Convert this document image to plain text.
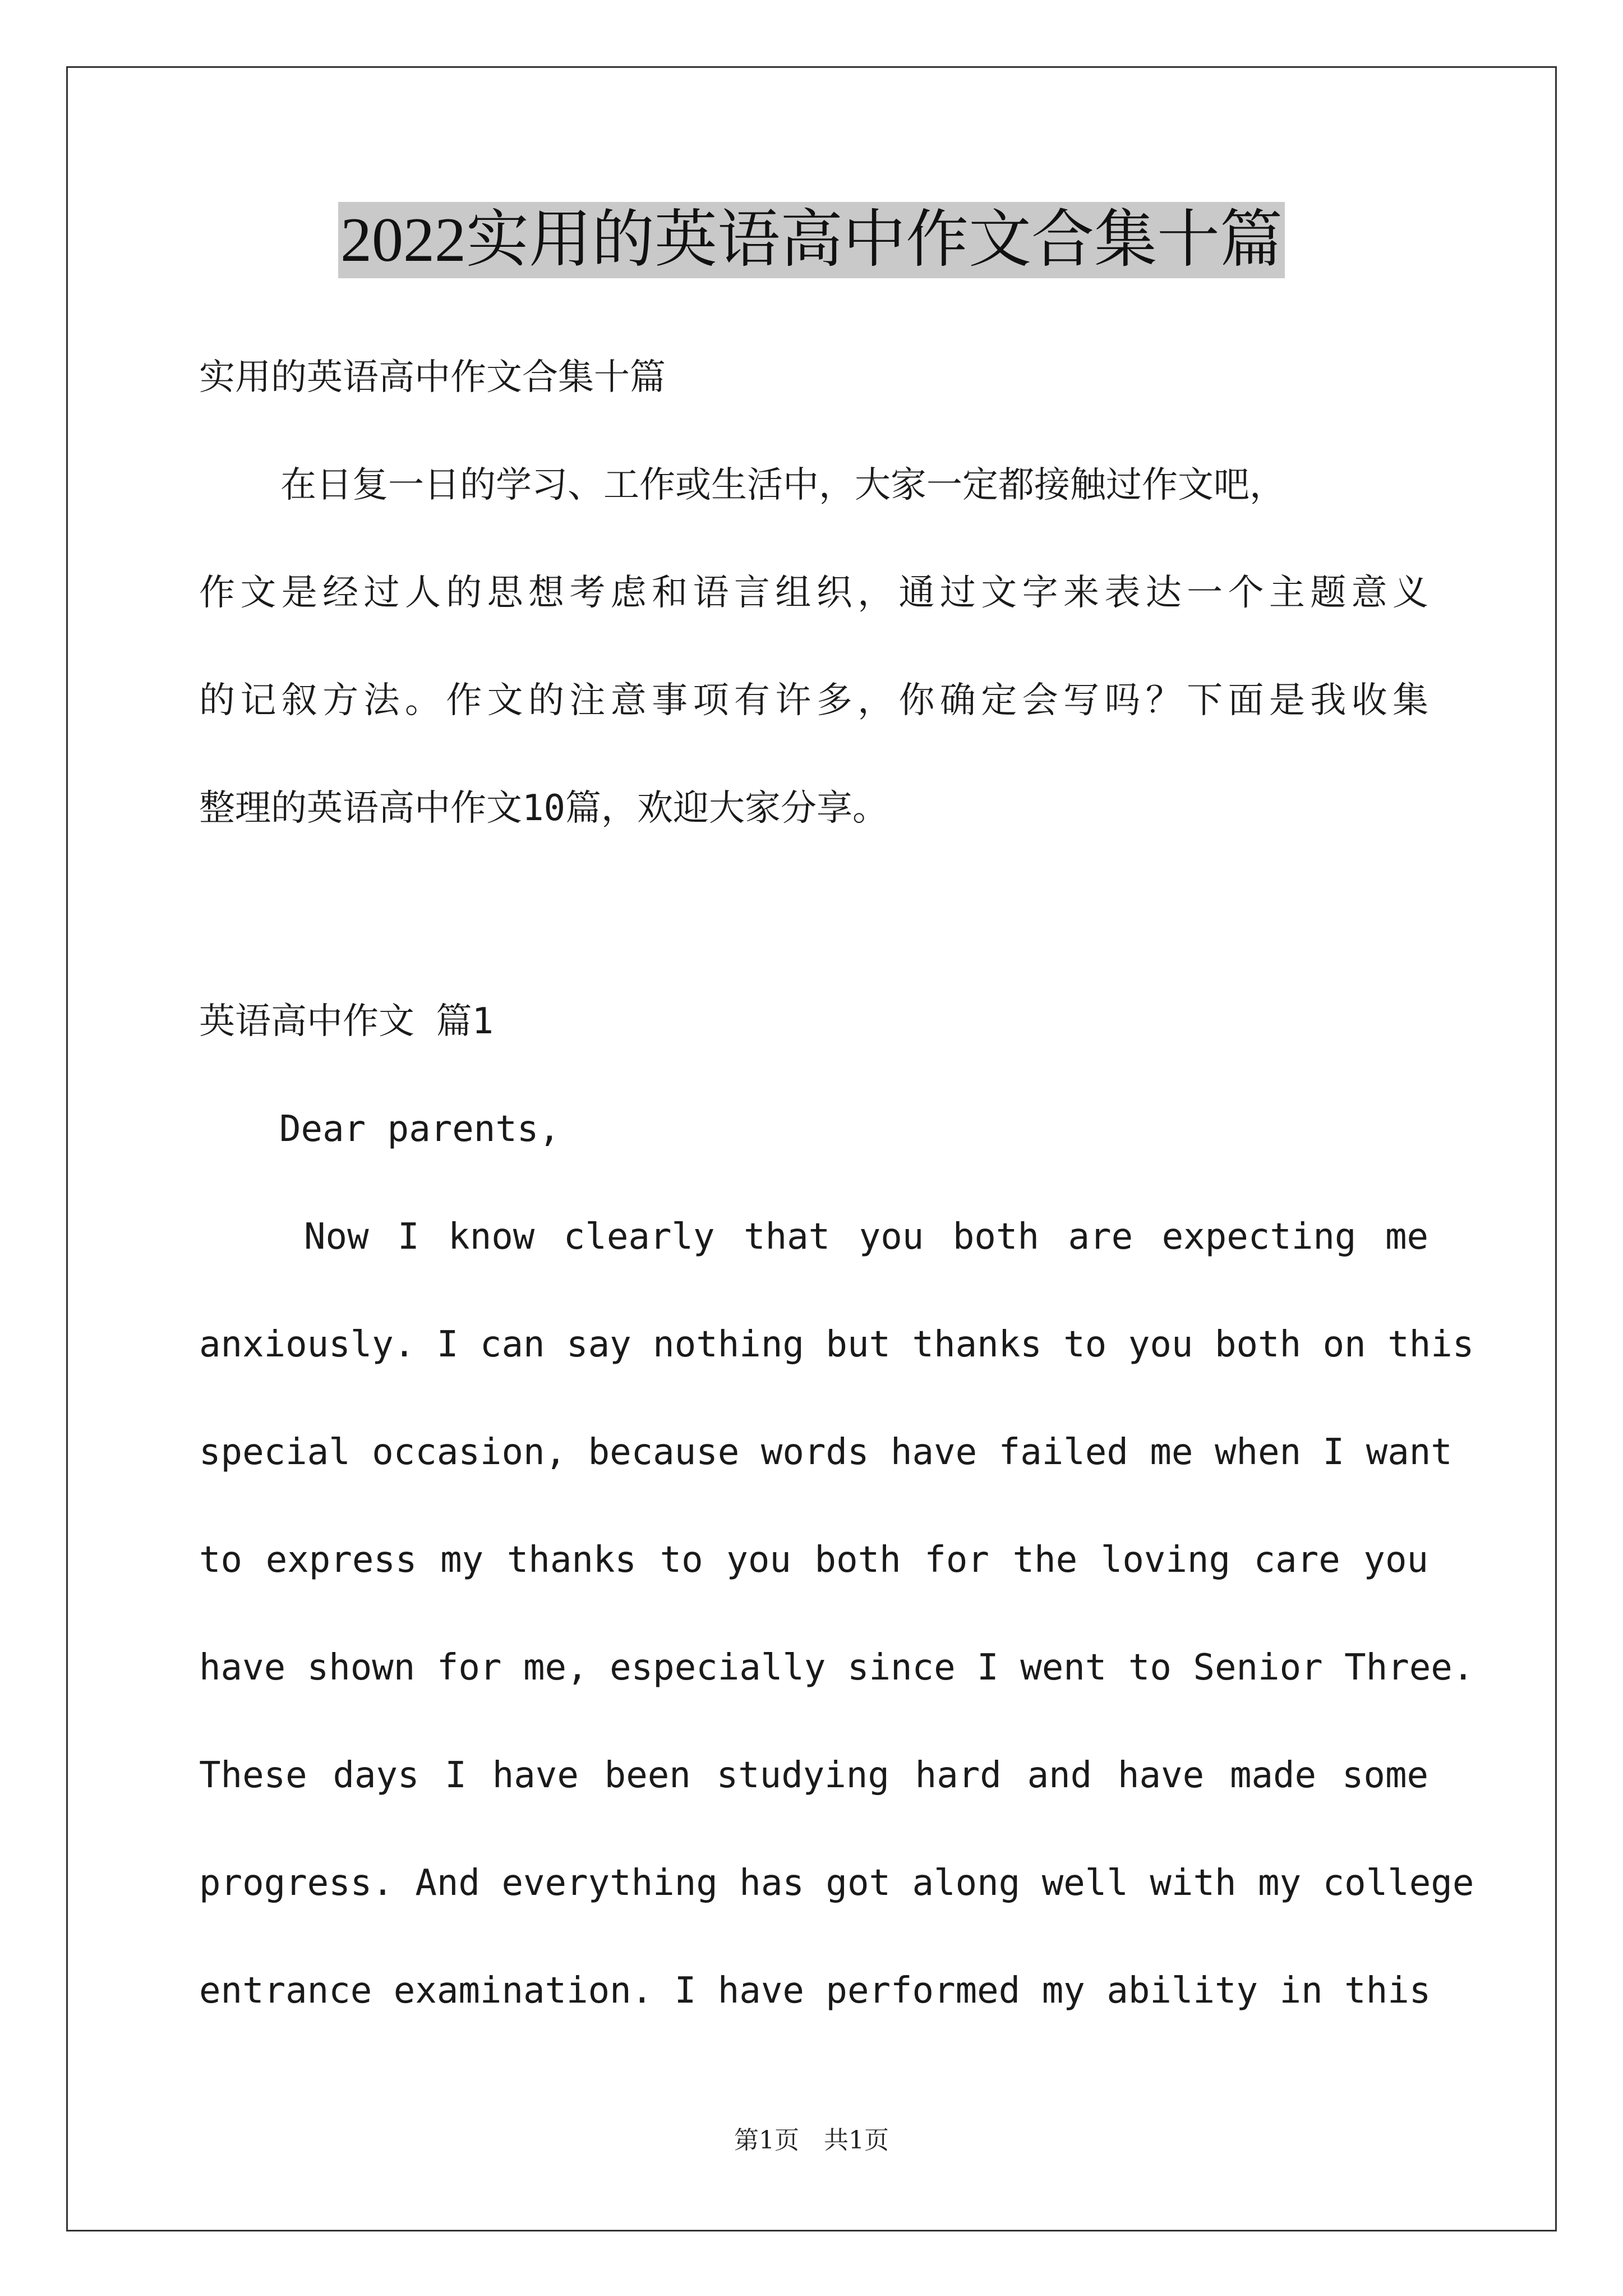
2022实用的英语高中作文合集十篇
实用的英语高中作文合集十篇
在日复一日的学习、工作或生活中，大家一定都接触过作文吧，
作文是经过人的思想考虑和语言组织，通过文字来表达一个主题意义
的记叙方法。作文的注意事项有许多，你确定会写吗？下面是我收集
整理的英语高中作文10篇，欢迎大家分享。
英语高中作文 篇1
Dear parents,
Now I know clearly that you both are expecting me
anxiously. I can say nothing but thanks to you both on this
special occasion, because words have failed me when I want
to express my thanks to you both for the loving care you
have shown for me, especially since I went to Senior Three.
These days I have been studying hard and have made some
progress. And everything has got along well with my college
entrance examination. I have performed my ability in this
第1页　共1页
